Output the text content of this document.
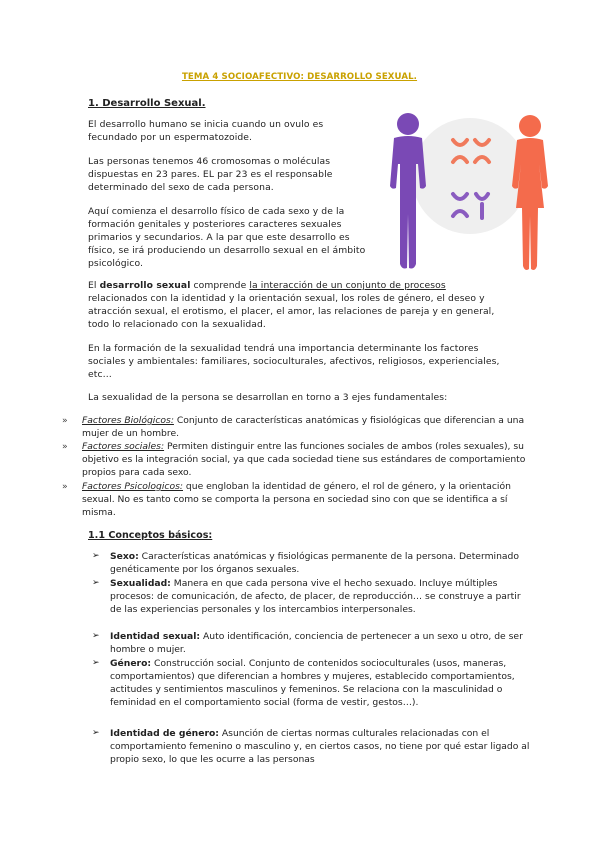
TEMA 4 SOCIOAFECTIVO: DESARROLLO SEXUAL.
1. Desarrollo Sexual.
El desarrollo humano se inicia cuando un ovulo es fecundado por un espermatozoide.
Las personas tenemos 46 cromosomas o moléculas dispuestas en 23 pares. EL par 23 es el responsable determinado del sexo de cada persona.
Aquí comienza el desarrollo físico de cada sexo y de la formación genitales y posteriores caracteres sexuales primarios y secundarios. A la par que este desarrollo es físico, se irá produciendo un desarrollo sexual en el ámbito psicológico.
El desarrollo sexual comprende la interacción de un conjunto de procesos relacionados con la identidad y la orientación sexual, los roles de género, el deseo y atracción sexual, el erotismo, el placer, el amor, las relaciones de pareja y en general, todo lo relacionado con la sexualidad.
En la formación de la sexualidad tendrá una importancia determinante los factores sociales y ambientales: familiares, socioculturales, afectivos, religiosos, experienciales, etc…
La sexualidad de la persona se desarrollan en torno a 3 ejes fundamentales:
» Factores Biológicos: Conjunto de características anatómicas y fisiológicas que diferencian a una mujer de un hombre.
» Factores sociales: Permiten distinguir entre las funciones sociales de ambos (roles sexuales), su objetivo es la integración social, ya que cada sociedad tiene sus estándares de comportamiento propios para cada sexo.
» Factores Psicologicos: que engloban la identidad de género, el rol de género, y la orientación sexual. No es tanto como se comporta la persona en sociedad sino con que se identifica a sí misma.
1.1 Conceptos básicos:
➢ Sexo: Características anatómicas y fisiológicas permanente de la persona. Determinado genéticamente por los órganos sexuales.
➢ Sexualidad: Manera en que cada persona vive el hecho sexuado. Incluye múltiples procesos: de comunicación, de afecto, de placer, de reproducción… se construye a partir de las experiencias personales y los intercambios interpersonales.
➢ Identidad sexual: Auto identificación, conciencia de pertenecer a un sexo u otro, de ser hombre o mujer.
➢ Género: Construcción social. Conjunto de contenidos socioculturales (usos, maneras, comportamientos) que diferencian a hombres y mujeres, establecido comportamientos, actitudes y sentimientos masculinos y femeninos. Se relaciona con la masculinidad o feminidad en el comportamiento social (forma de vestir, gestos…).
➢ Identidad de género: Asunción de ciertas normas culturales relacionadas con el comportamiento femenino o masculino y, en ciertos casos, no tiene por qué estar ligado al propio sexo, lo que les ocurre a las personas
